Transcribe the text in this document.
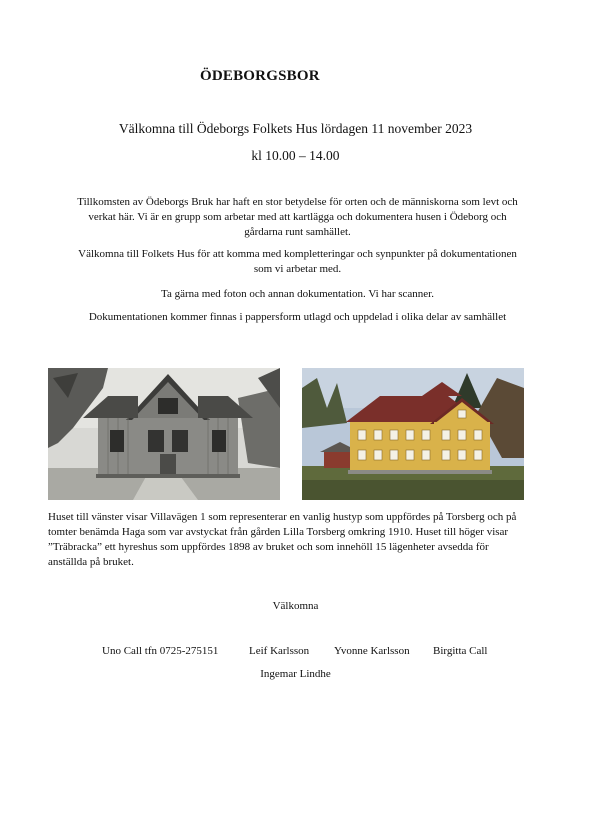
ÖDEBORGSBOR
Välkomna till Ödeborgs Folkets Hus lördagen 11 november 2023
kl 10.00 – 14.00
Tillkomsten av Ödeborgs Bruk har haft en stor betydelse för orten och de människorna som levt och verkat här. Vi är en grupp som arbetar med att kartlägga och dokumentera husen i Ödeborg och gårdarna runt samhället.
Välkomna till Folkets Hus för att komma med kompletteringar och synpunkter på dokumentationen som vi arbetar med.
Ta gärna med foton och annan dokumentation. Vi har scanner.
Dokumentationen kommer finnas i pappersform utlagd och uppdelad i olika delar av samhället
Huset till vänster visar Villavägen 1 som representerar en vanlig hustyp som uppfördes på Torsberg och på tomter benämda Haga som var avstyckat från gården Lilla Torsberg omkring 1910. Huset till höger visar ”Träbracka” ett hyreshus som uppfördes 1898 av bruket och som innehöll 15 lägenheter avsedda för anställda på bruket.
Välkomna
Uno Call tfn 0725-275151	Leif Karlsson Yvonne Karlsson Birgitta Call
Ingemar Lindhe
